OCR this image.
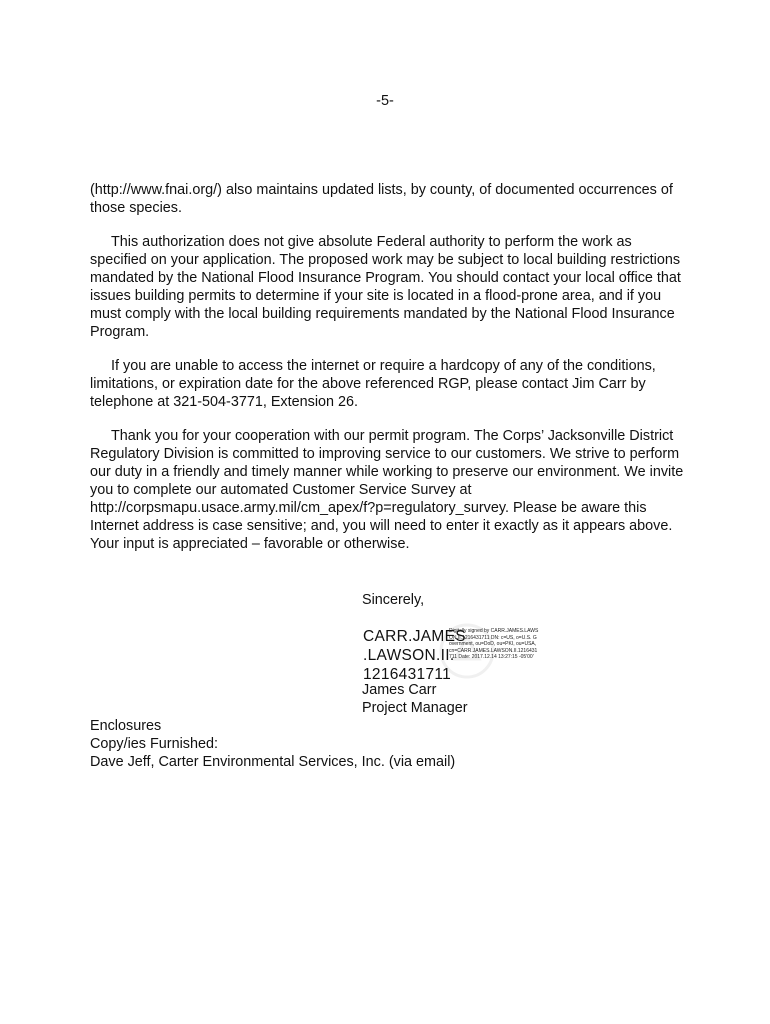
-5-

(http://www.fnai.org/) also maintains updated lists, by county, of documented occurrences of those species.

This authorization does not give absolute Federal authority to perform the work as specified on your application. The proposed work may be subject to local building restrictions mandated by the National Flood Insurance Program. You should contact your local office that issues building permits to determine if your site is located in a flood-prone area, and if you must comply with the local building requirements mandated by the National Flood Insurance Program.

If you are unable to access the internet or require a hardcopy of any of the conditions, limitations, or expiration date for the above referenced RGP, please contact Jim Carr by telephone at 321-504-3771, Extension 26.

Thank you for your cooperation with our permit program. The Corps’ Jacksonville District Regulatory Division is committed to improving service to our customers. We strive to perform our duty in a friendly and timely manner while working to preserve our environment. We invite you to complete our automated Customer Service Survey at http://corpsmapu.usace.army.mil/cm_apex/f?p=regulatory_survey. Please be aware this Internet address is case sensitive; and, you will need to enter it exactly as it appears above. Your input is appreciated – favorable or otherwise.

Sincerely,
CARR.JAMES
.LAWSON.II.
1216431711
Digitally signed by CARR.JAMES.LAWSON.II.1216431711 DN: c=US, o=U.S. Government, ou=DoD, ou=PKI, ou=USA, cn=CARR.JAMES.LAWSON.II.1216431711 Date: 2017.12.14 13:27:15 -05'00'
James Carr
Project Manager
Enclosures
Copy/ies Furnished:
Dave Jeff, Carter Environmental Services, Inc. (via email)
